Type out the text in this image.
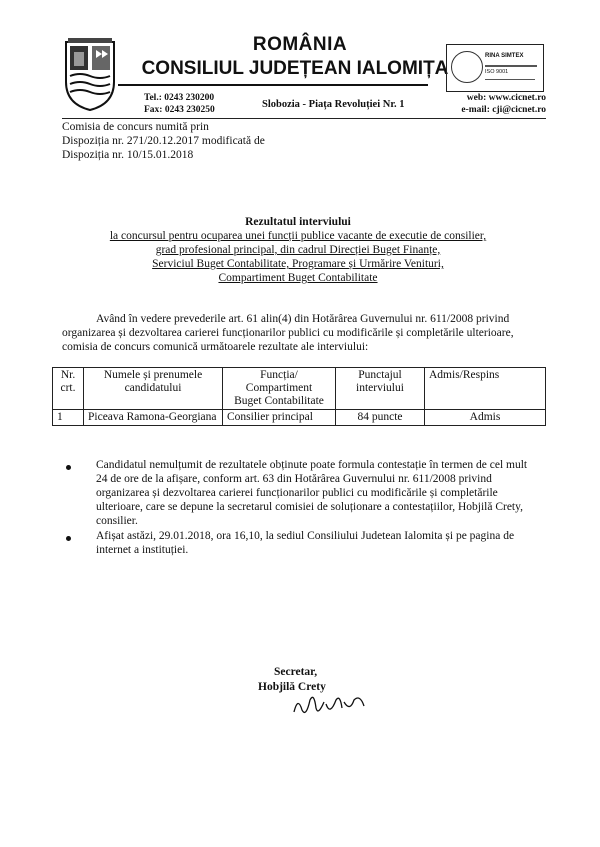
ROMÂNIA
CONSILIUL JUDEȚEAN IALOMIȚA
RINA SIMTEX
ISO 9001
Tel.: 0243 230200
Fax: 0243 230250	Slobozia - Piața Revoluției Nr. 1
web: www.cicnet.ro
e-mail: cji@cicnet.ro
Comisia de concurs numită prin
Dispoziția nr. 271/20.12.2017 modificată de
Dispoziția nr. 10/15.01.2018
Rezultatul interviului
la concursul pentru ocuparea unei funcții publice vacante de executie de consilier,
grad profesional principal, din cadrul Direcției Buget Finanțe,
Serviciul Buget Contabilitate, Programare și Urmărire Venituri,
Compartiment Buget Contabilitate
Având în vedere prevederile art. 61 alin(4) din Hotărârea Guvernului nr. 611/2008 privind
organizarea și dezvoltarea carierei funcționarilor publici cu modificările și completările ulterioare,
comisia de concurs comunică următoarele rezultate ale interviului:
Nr. crt.	Numele și prenumele candidatului	Funcția/
Compartiment
Buget Contabilitate	Punctajul interviului	Admis/Respins
1	Piceava Ramona-Georgiana	Consilier principal	84 puncte	Admis
Candidatul nemulțumit de rezultatele obținute poate formula contestație în termen de cel mult
24 de ore de la afișare, conform art. 63 din Hotărârea Guvernului nr. 611/2008 privind
organizarea și dezvoltarea carierei funcționarilor publici cu modificările și completările
ulterioare, care se depune la secretarul comisiei de soluționare a contestațiilor, Hobjilă Crety,
consilier.
Afișat astăzi, 29.01.2018, ora 16,10, la sediul Consiliului Judetean Ialomita și pe pagina de
internet a instituției.
Secretar,
Hobjilă Crety
